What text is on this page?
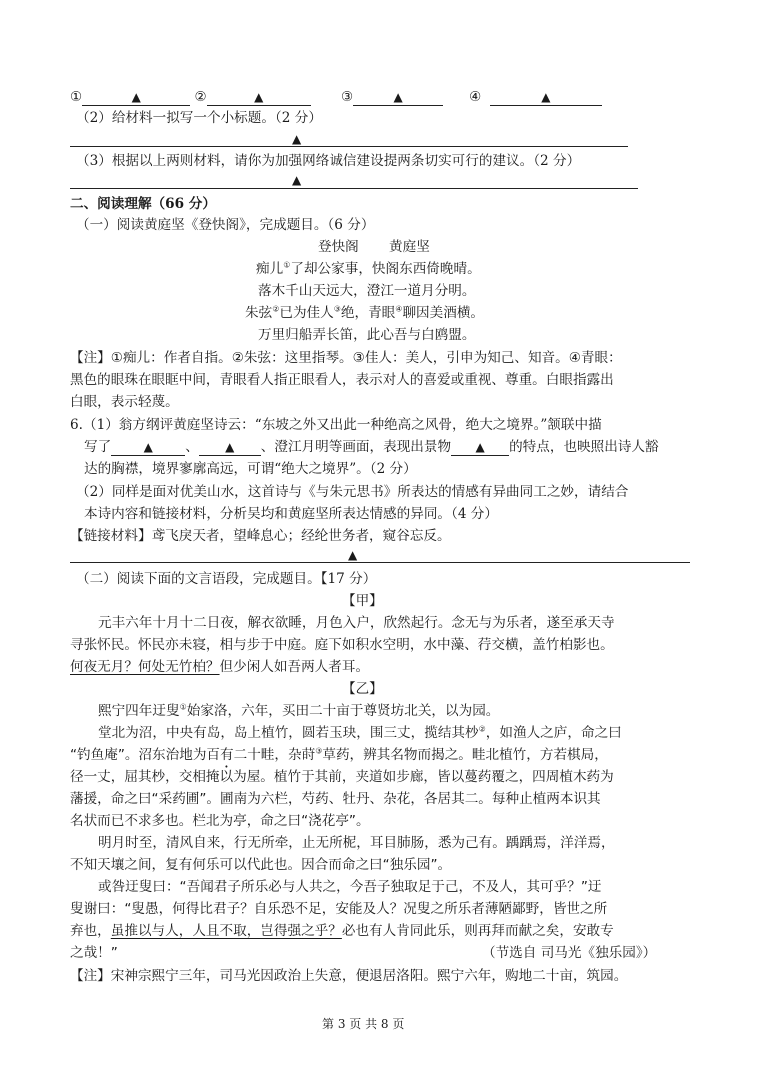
①	▲	②	▲	③	▲	④	▲
（2）给材料一拟写一个小标题。（2 分）
▲
（3）根据以上两则材料，请你为加强网络诚信建设提两条切实可行的建议。（2 分）
▲
二、阅读理解（66 分）
（一）阅读黄庭坚《登快阁》，完成题目。（6 分）
登快阁 黄庭坚
痴儿①了却公家事，快阁东西倚晚晴。
落木千山天远大，澄江一道月分明。
朱弦②已为佳人③绝，青眼④聊因美酒横。
万里归船弄长笛，此心吾与白鸥盟。
【注】①痴儿：作者自指。②朱弦：这里指琴。③佳人：美人，引申为知己、知音。④青眼：
黑色的眼珠在眼眶中间，青眼看人指正眼看人，表示对人的喜爱或重视、尊重。白眼指露出
白眼，表示轻蔑。
6.（1）翁方纲评黄庭坚诗云：“东坡之外又出此一种绝高之风骨，绝大之境界。”颔联中描
写了	▲ 、 ▲ 、澄江月明等画面，表现出景物 ▲ 的特点，也映照出诗人豁
达的胸襟，境界寥廓高远，可谓“绝大之境界”。（2 分）
（2）同样是面对优美山水，这首诗与《与朱元思书》所表达的情感有异曲同工之妙，请结合
本诗内容和链接材料，分析吴均和黄庭坚所表达情感的异同。（4 分）
【链接材料】鸢飞戾天者，望峰息心；经纶世务者，窥谷忘反。
▲
（二）阅读下面的文言语段，完成题目。【17 分）
【甲】
元丰六年十月十二日夜，解衣欲睡，月色入户，欣然起行。念无与为乐者，遂至承天寺
寻张怀民。怀民亦未寝，相与步于中庭。庭下如积水空明，水中藻、荇交横，盖竹柏影也。
何夜无月？何处无竹柏？但少闲人如吾两人者耳。
【乙】
熙宁四年迂叟①始家洛，六年，买田二十亩于尊贤坊北关，以为园。
堂北为沼，中央有岛，岛上植竹，圆若玉玦，围三丈，揽结其杪②，如渔人之庐，命之曰
“钓鱼庵”。沼东治地为百有二十畦，杂莳③草药，辨其名物而揭之。畦北植竹，方若棋局，
径一丈，屈其杪，交相掩以为屋。植竹于其前，夹道如步廊，皆以蔓药覆之，四周植木药为
藩援，命之曰“采药圃”。圃南为六栏，芍药、牡丹、杂花，各居其二。每种止植两本识其
名状而已不求多也。栏北为亭，命之曰“浇花亭”。
明月时至，清风自来，行无所牵，止无所柅，耳目肺肠，悉为己有。踽踽焉，洋洋焉，
不知天壤之间，复有何乐可以代此也。因合而命之曰“独乐园”。
或咎迂叟曰：“吾闻君子所乐必与人共之，今吾子独取足于己，不及人，其可乎？”迂
叟谢曰：“叟愚，何得比君子？自乐恐不足，安能及人？况叟之所乐者薄陋鄙野，皆世之所
弃也，虽推以与人，人且不取，岂得强之乎？必也有人肯同此乐，则再拜而献之矣，安敢专
之哉！”	（节选自 司马光《独乐园》）
【注】宋神宗熙宁三年，司马光因政治上失意，便退居洛阳。熙宁六年，购地二十亩，筑园。
第 3 页 共 8 页
